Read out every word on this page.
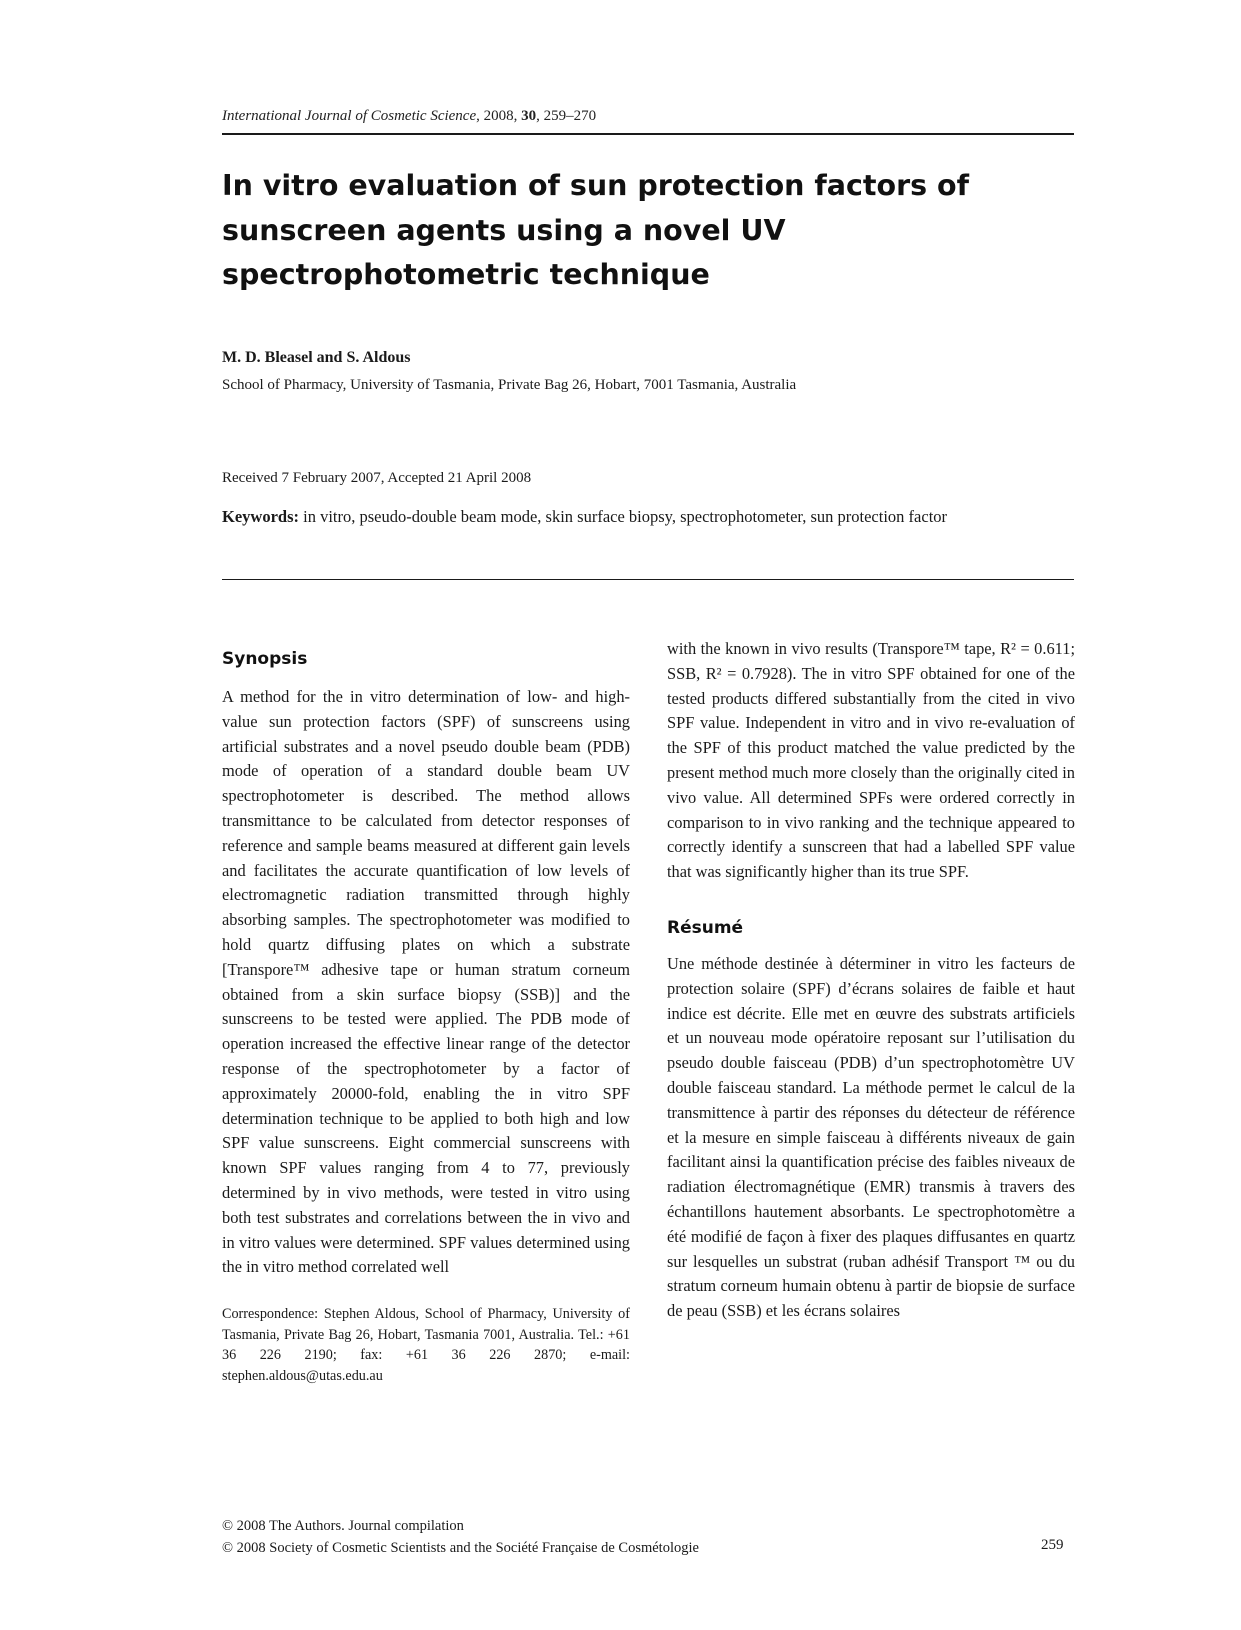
International Journal of Cosmetic Science, 2008, 30, 259–270
In vitro evaluation of sun protection factors of sunscreen agents using a novel UV spectrophotometric technique
M. D. Bleasel and S. Aldous
School of Pharmacy, University of Tasmania, Private Bag 26, Hobart, 7001 Tasmania, Australia
Received 7 February 2007, Accepted 21 April 2008
Keywords: in vitro, pseudo-double beam mode, skin surface biopsy, spectrophotometer, sun protection factor
Synopsis

A method for the in vitro determination of low- and high-value sun protection factors (SPF) of sunscreens using artificial substrates and a novel pseudo double beam (PDB) mode of operation of a standard double beam UV spectrophotometer is described. The method allows transmittance to be calculated from detector responses of reference and sample beams measured at different gain levels and facilitates the accurate quantification of low levels of electromagnetic radiation transmitted through highly absorbing samples. The spectrophotometer was modified to hold quartz diffusing plates on which a substrate [Transpore™ adhesive tape or human stratum corneum obtained from a skin surface biopsy (SSB)] and the sunscreens to be tested were applied. The PDB mode of operation increased the effective linear range of the detector response of the spectrophotometer by a factor of approximately 20000-fold, enabling the in vitro SPF determination technique to be applied to both high and low SPF value sunscreens. Eight commercial sunscreens with known SPF values ranging from 4 to 77, previously determined by in vivo methods, were tested in vitro using both test substrates and correlations between the in vivo and in vitro values were determined. SPF values determined using the in vitro method correlated well

Correspondence: Stephen Aldous, School of Pharmacy, University of Tasmania, Private Bag 26, Hobart, Tasmania 7001, Australia. Tel.: +61 36 226 2190; fax: +61 36 226 2870; e-mail: stephen.aldous@utas.edu.au

with the known in vivo results (Transpore™ tape, R² = 0.611; SSB, R² = 0.7928). The in vitro SPF obtained for one of the tested products differed substantially from the cited in vivo SPF value. Independent in vitro and in vivo re-evaluation of the SPF of this product matched the value predicted by the present method much more closely than the originally cited in vivo value. All determined SPFs were ordered correctly in comparison to in vivo ranking and the technique appeared to correctly identify a sunscreen that had a labelled SPF value that was significantly higher than its true SPF.

Résumé

Une méthode destinée à déterminer in vitro les facteurs de protection solaire (SPF) d’écrans solaires de faible et haut indice est décrite. Elle met en œuvre des substrats artificiels et un nouveau mode opératoire reposant sur l’utilisation du pseudo double faisceau (PDB) d’un spectrophotomètre UV double faisceau standard. La méthode permet le calcul de la transmittence à partir des réponses du détecteur de référence et la mesure en simple faisceau à différents niveaux de gain facilitant ainsi la quantification précise des faibles niveaux de radiation électromagnétique (EMR) transmis à travers des échantillons hautement absorbants. Le spectrophotomètre a été modifié de façon à fixer des plaques diffusantes en quartz sur lesquelles un substrat (ruban adhésif Transport ™ ou du stratum corneum humain obtenu à partir de biopsie de surface de peau (SSB) et les écrans solaires

© 2008 The Authors. Journal compilation
© 2008 Society of Cosmetic Scientists and the Société Française de Cosmétologie	259
